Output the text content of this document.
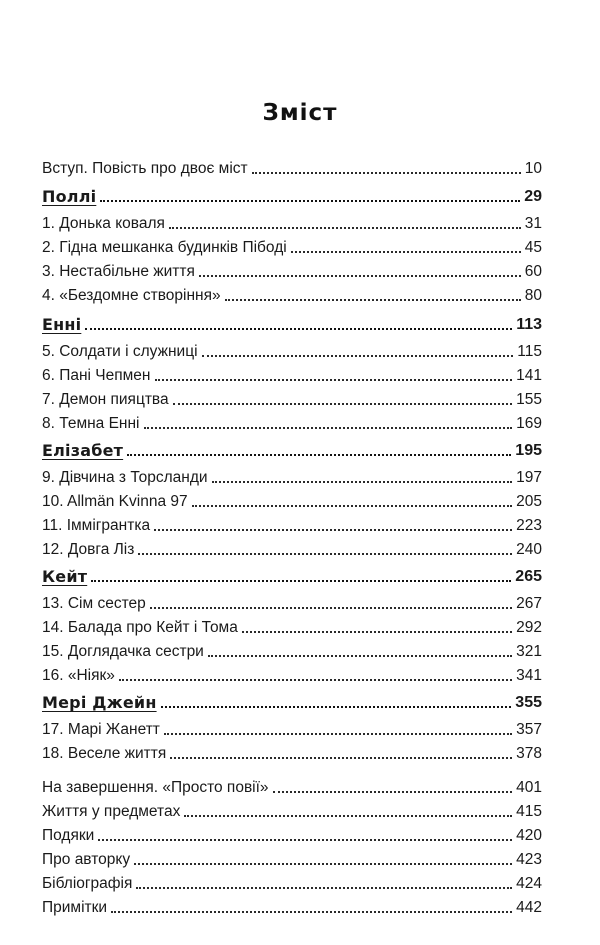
Зміст
Вступ. Повість про двоє міст	10
Поллі	29
1. Донька коваля	31
2. Гідна мешканка будинків Пібоді	45
3. Нестабільне життя	60
4. «Бездомне створіння»	80
Енні	113
5. Солдати і служниці	115
6. Пані Чепмен	141
7. Демон пияцтва	155
8. Темна Енні	169
Елізабет	195
9. Дівчина з Торсланди	197
10. Allmän Kvinna 97	205
11. Іммігрантка	223
12. Довга Ліз	240
Кейт	265
13. Сім сестер	267
14. Балада про Кейт і Тома	292
15. Доглядачка сестри	321
16. «Ніяк»	341
Мері Джейн	355
17. Марі Жанетт	357
18. Веселе життя	378
На завершення. «Просто повії»	401
Життя у предметах	415
Подяки	420
Про авторку	423
Бібліографія	424
Примітки	442
